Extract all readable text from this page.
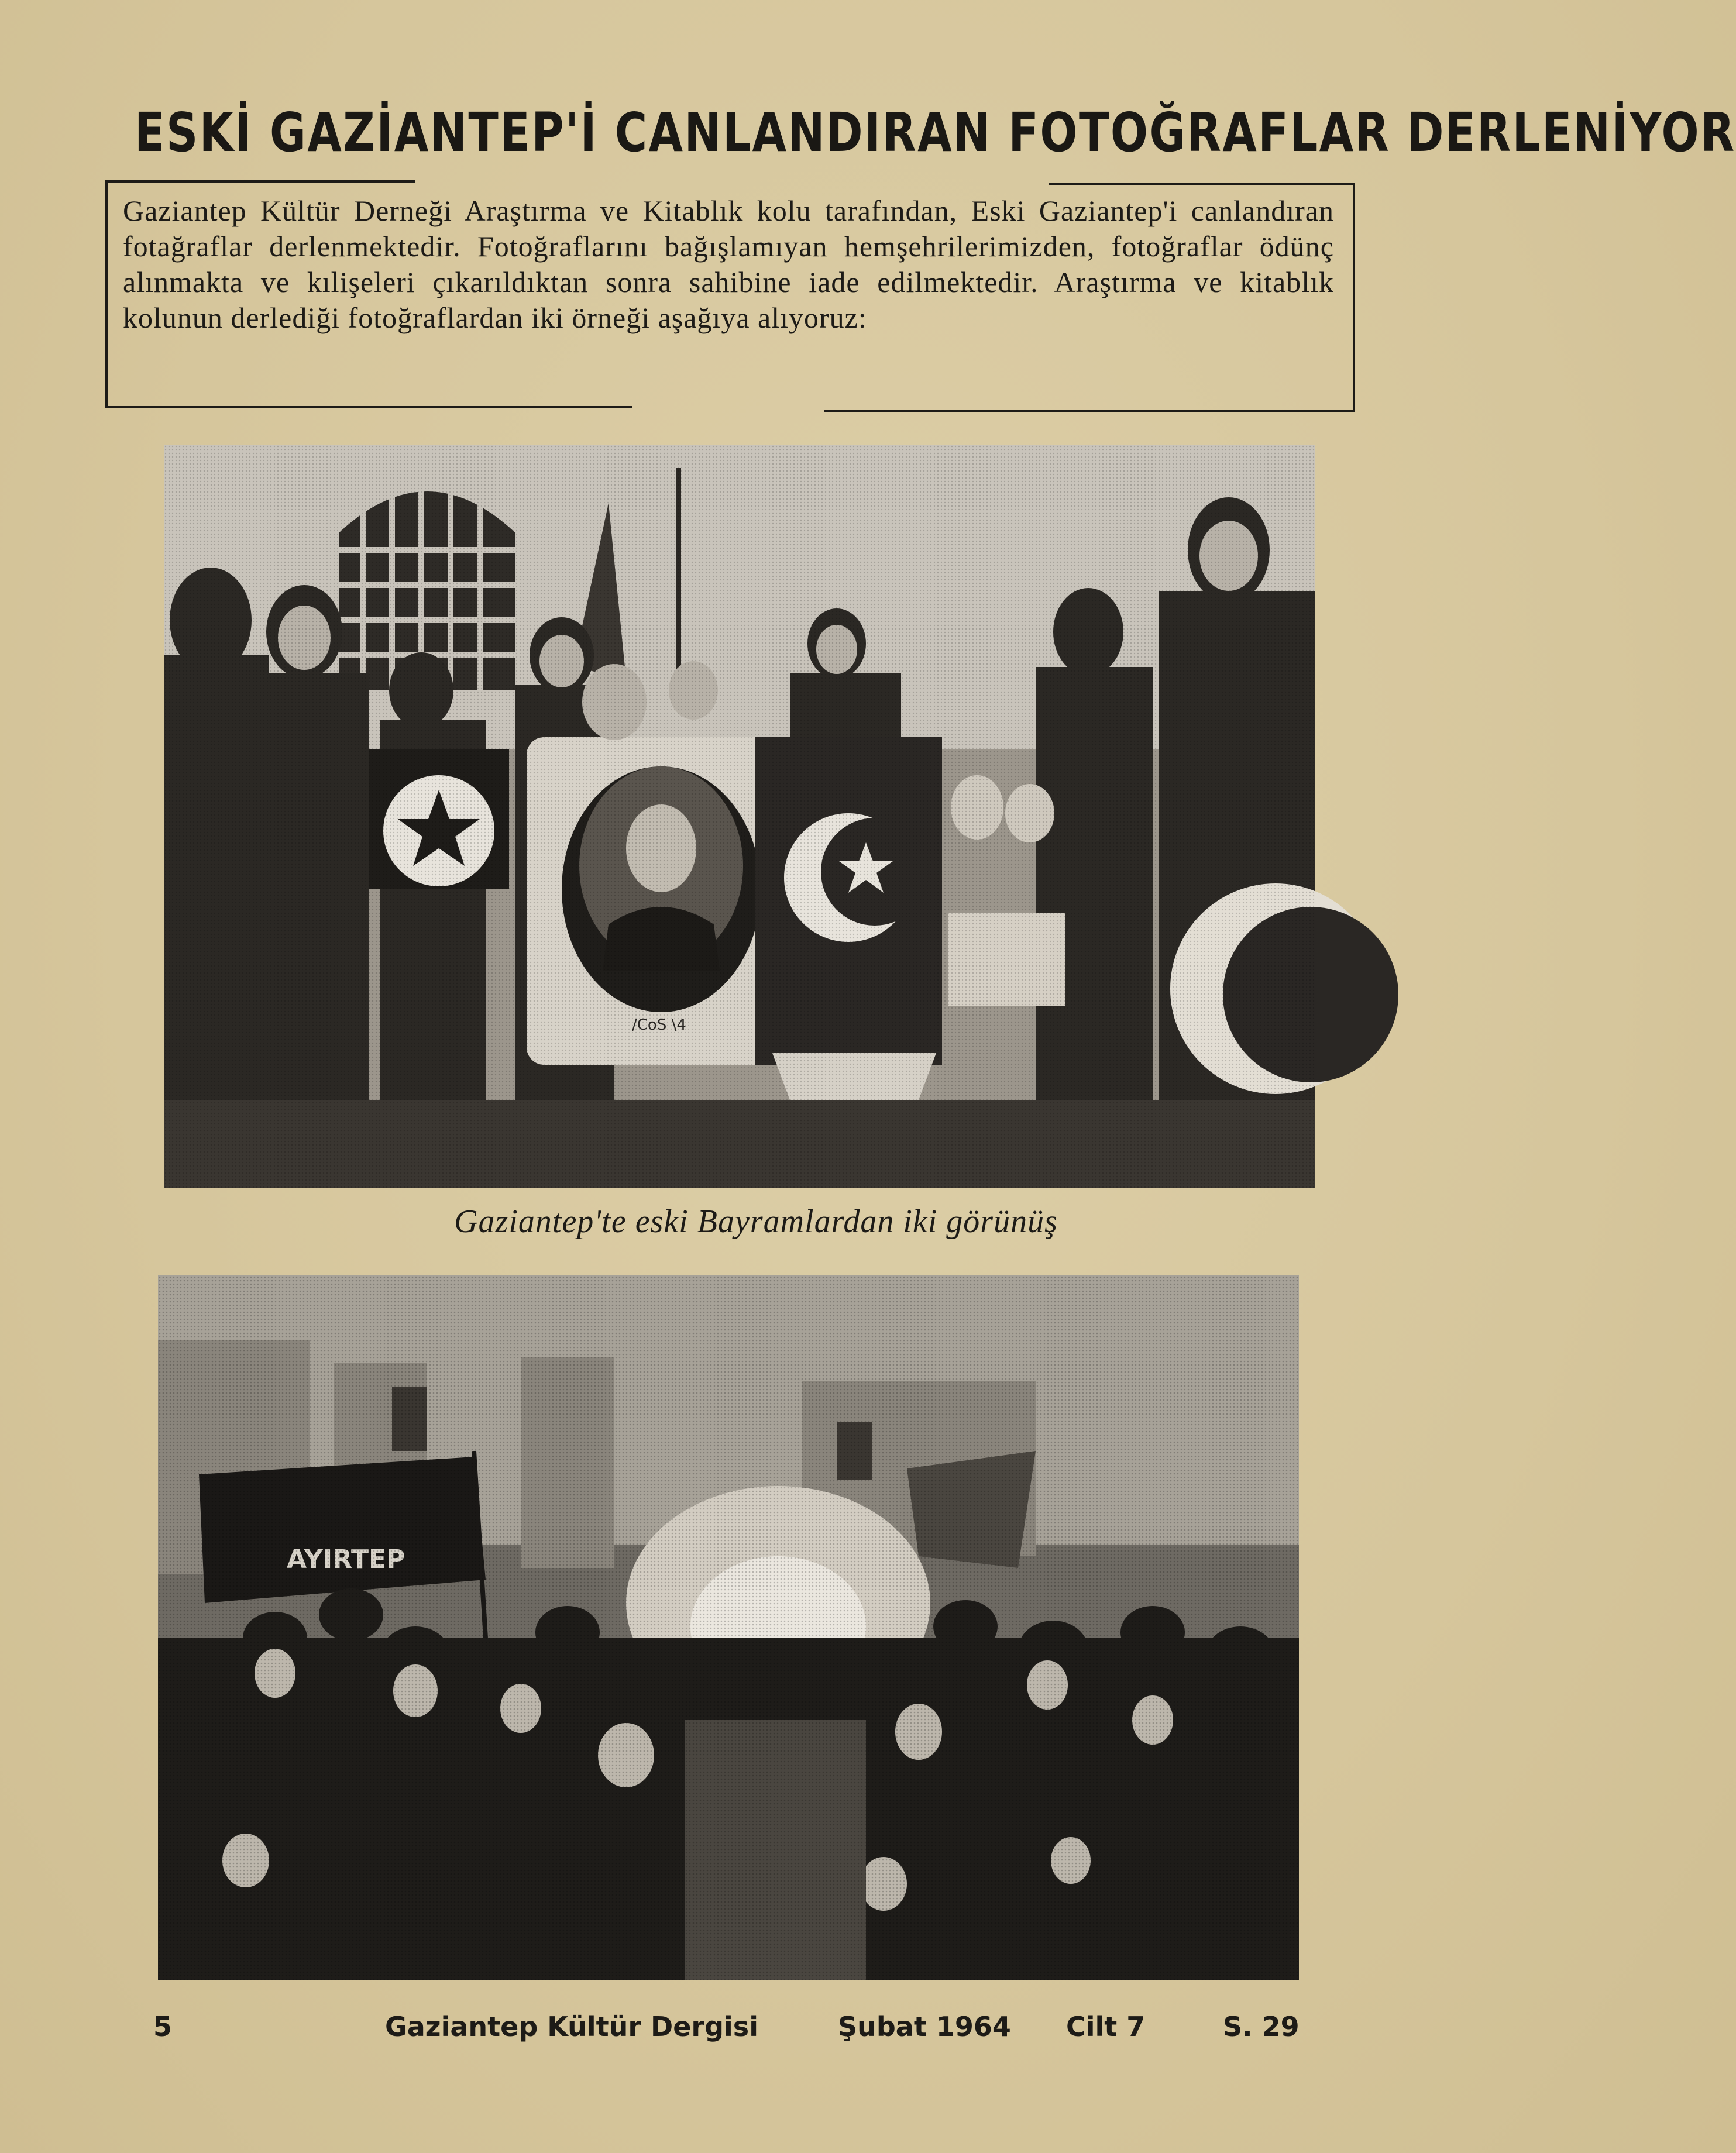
ESKİ GAZİANTEP'İ CANLANDIRAN FOTOĞRAFLAR DERLENİYOR
Gaziantep Kültür Derneği Araştırma ve Kitablık kolu tarafından, Eski Gaziantep'i canlandıran fotağraflar derlenmektedir. Fotoğraflarını bağışlamıyan hemşehrilerimizden, fotoğraflar ödünç alınmakta ve kılişeleri çıkarıldıktan sonra sahibine iade edilmektedir. Araştırma ve kitablık kolunun derlediği fotoğraflardan iki örneği aşağıya alıyoruz:
Gaziantep'te eski Bayramlardan iki görünüş
5	Gaziantep Kültür Dergisi	Şubat 1964 Cilt 7	S. 29
